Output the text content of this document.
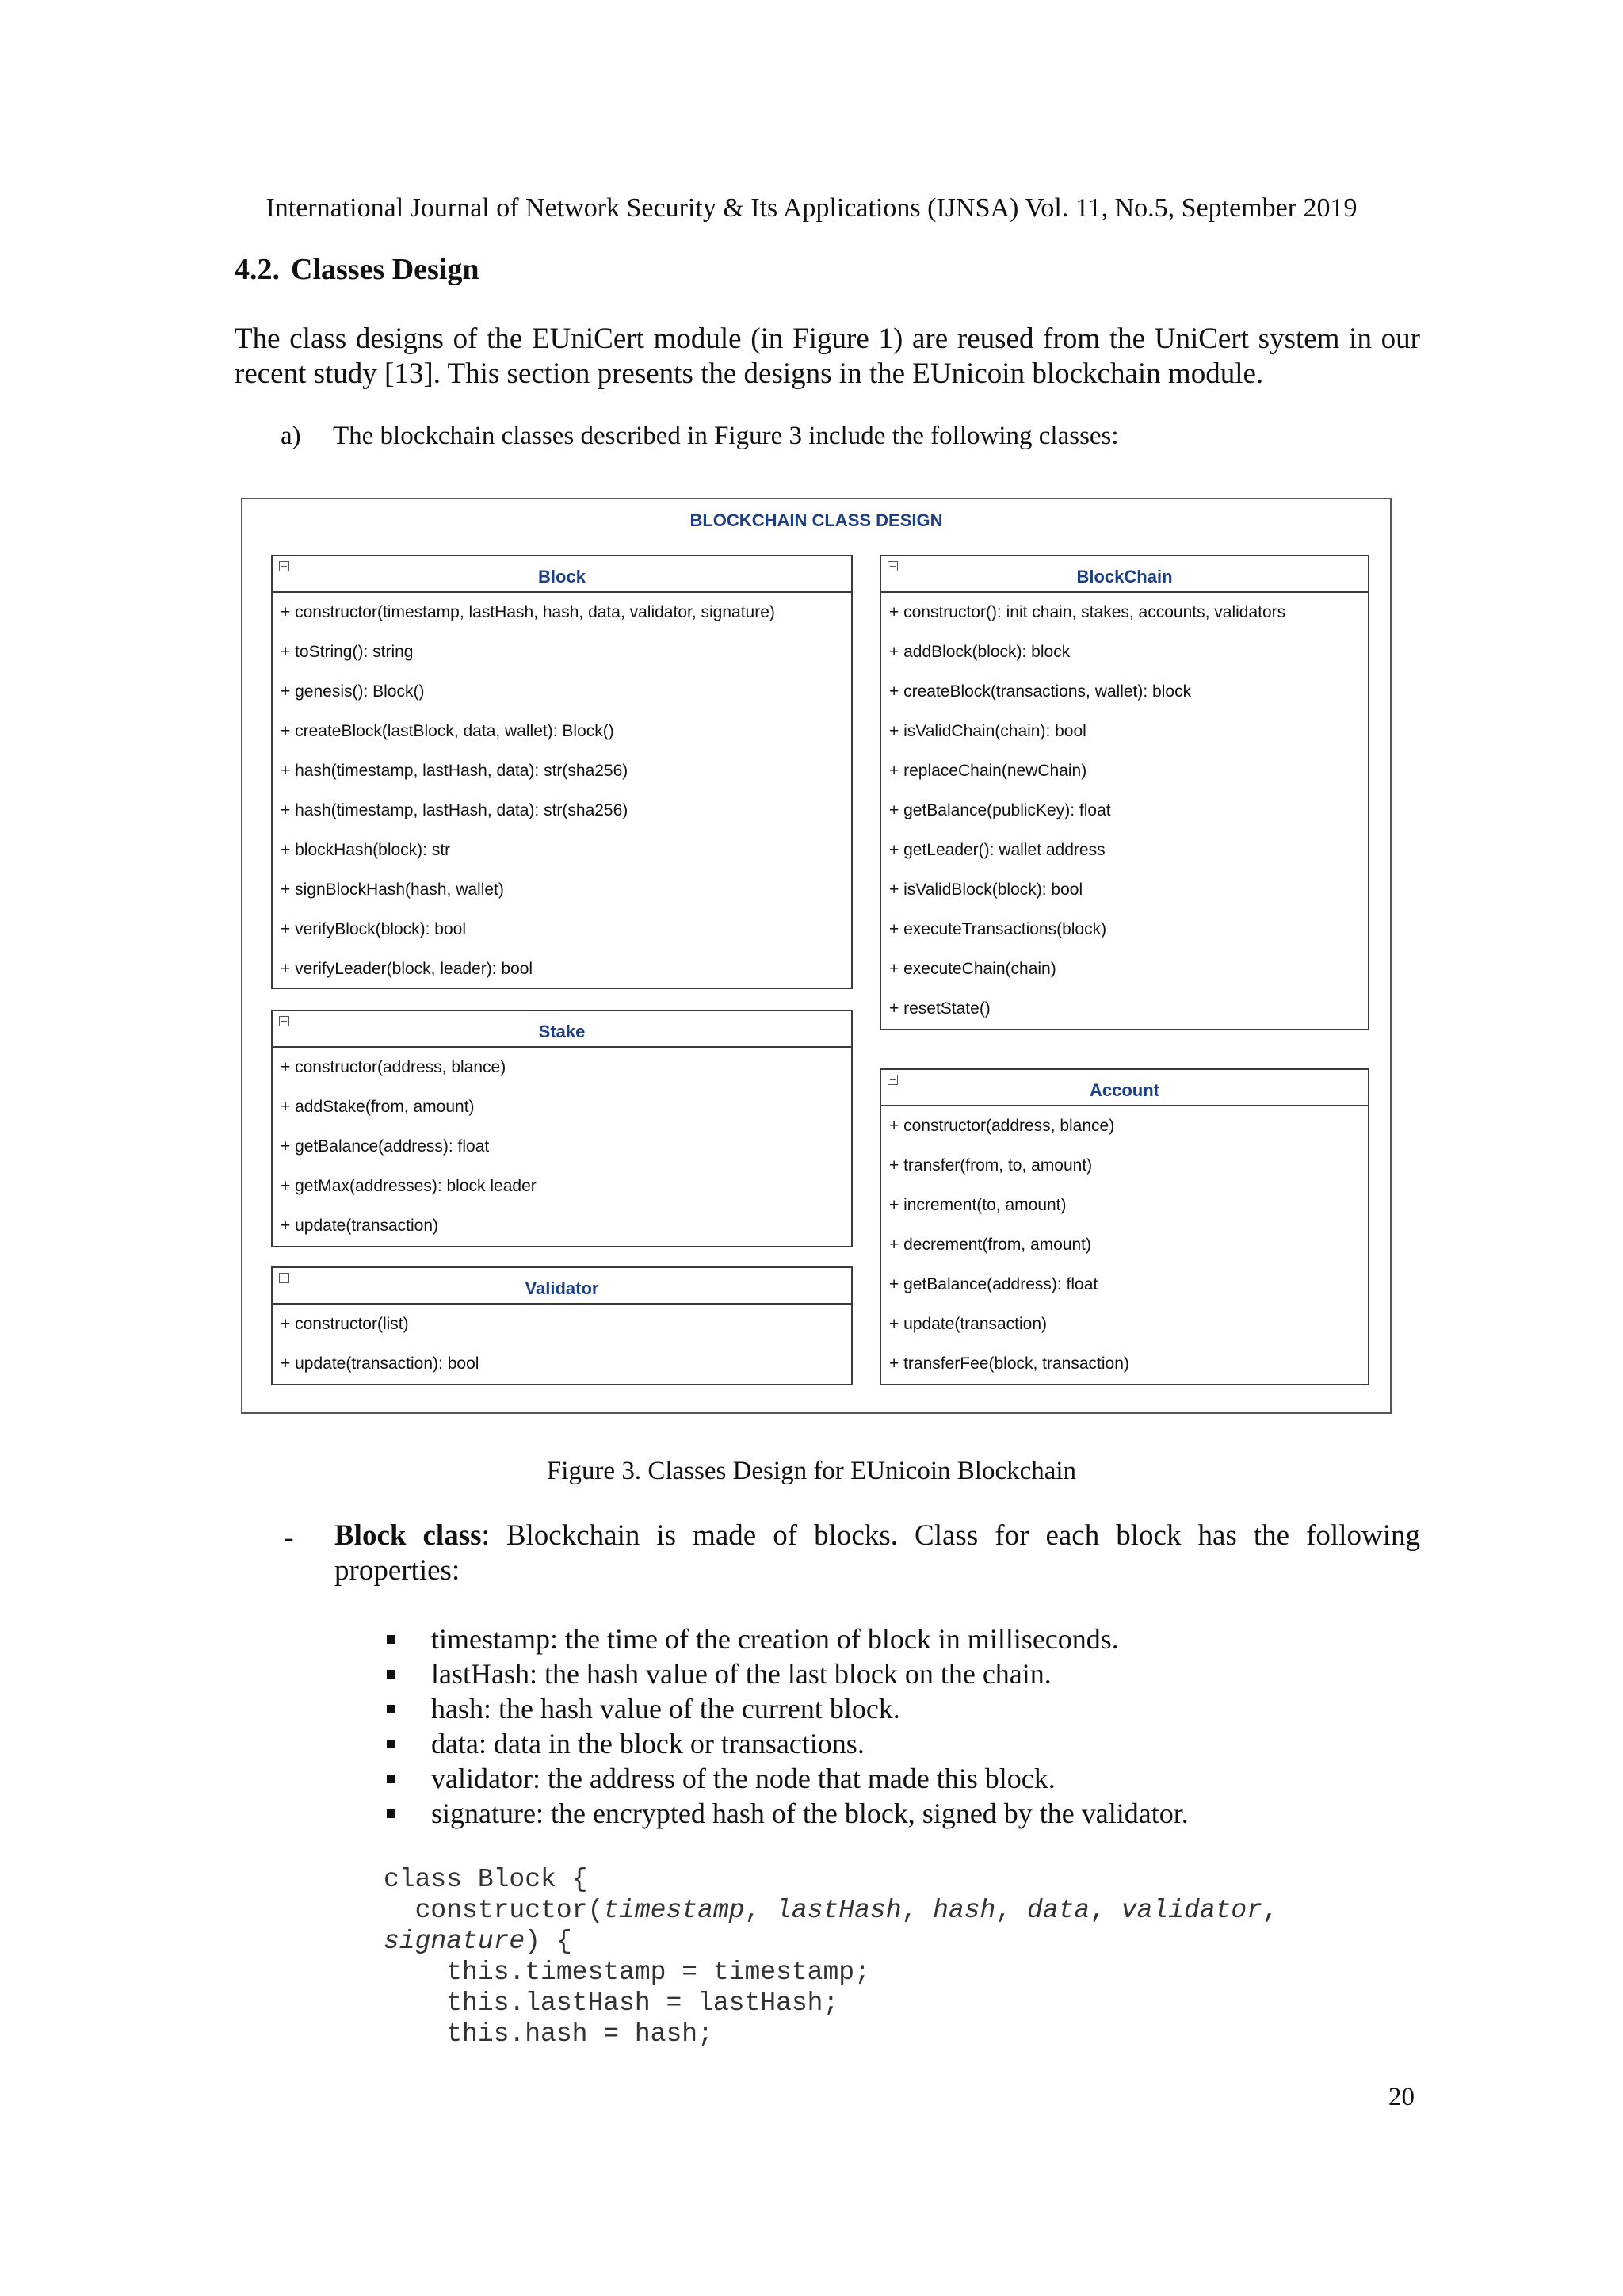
International Journal of Network Security & Its Applications (IJNSA) Vol. 11, No.5, September 2019
4.2. Classes Design
The class designs of the EUniCert module (in Figure 1) are reused from the UniCert system in our recent study [13]. This section presents the designs in the EUnicoin blockchain module.
a) The blockchain classes described in Figure 3 include the following classes:
BLOCKCHAIN CLASS DESIGN
Block
+ constructor(timestamp, lastHash, hash, data, validator, signature)
+ toString(): string
+ genesis(): Block()
+ createBlock(lastBlock, data, wallet): Block()
+ hash(timestamp, lastHash, data): str(sha256)
+ hash(timestamp, lastHash, data): str(sha256)
+ blockHash(block): str
+ signBlockHash(hash, wallet)
+ verifyBlock(block): bool
+ verifyLeader(block, leader): bool
BlockChain
+ constructor(): init chain, stakes, accounts, validators
+ addBlock(block): block
+ createBlock(transactions, wallet): block
+ isValidChain(chain): bool
+ replaceChain(newChain)
+ getBalance(publicKey): float
+ getLeader(): wallet address
+ isValidBlock(block): bool
+ executeTransactions(block)
+ executeChain(chain)
+ resetState()
Stake
+ constructor(address, blance)
+ addStake(from, amount)
+ getBalance(address): float
+ getMax(addresses): block leader
+ update(transaction)
Account
+ constructor(address, blance)
+ transfer(from, to, amount)
+ increment(to, amount)
+ decrement(from, amount)
+ getBalance(address): float
+ update(transaction)
+ transferFee(block, transaction)
Validator
+ constructor(list)
+ update(transaction): bool
Figure 3. Classes Design for EUnicoin Blockchain
- Block class: Blockchain is made of blocks. Class for each block has the following properties:
timestamp: the time of the creation of block in milliseconds.
lastHash: the hash value of the last block on the chain.
hash: the hash value of the current block.
data: data in the block or transactions.
validator: the address of the node that made this block.
signature: the encrypted hash of the block, signed by the validator.
class Block {
constructor(timestamp, lastHash, hash, data, validator,
signature) {
this.timestamp = timestamp;
this.lastHash = lastHash;
this.hash = hash;
20
